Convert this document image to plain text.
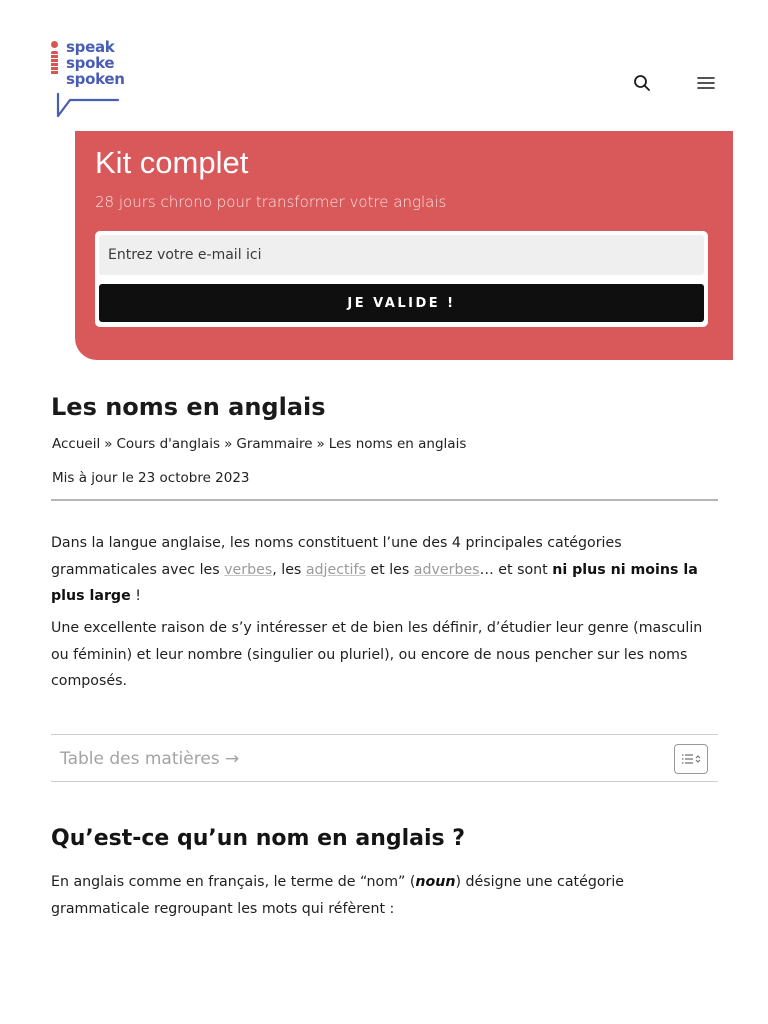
speak
spoke
spoken
Kit complet
28 jours chrono pour transformer votre anglais
Entrez votre e-mail ici
JE VALIDE !
Les noms en anglais
Accueil » Cours d'anglais » Grammaire » Les noms en anglais
Mis à jour le 23 octobre 2023

Dans la langue anglaise, les noms constituent l’une des 4 principales catégories grammaticales avec les verbes, les adjectifs et les adverbes… et sont ni plus ni moins la plus large !

Une excellente raison de s’y intéresser et de bien les définir, d’étudier leur genre (masculin ou féminin) et leur nombre (singulier ou pluriel), ou encore de nous pencher sur les noms composés.

Table des matières →
Qu’est-ce qu’un nom en anglais ?

En anglais comme en français, le terme de “nom” (noun) désigne une catégorie grammaticale regroupant les mots qui réfèrent :
